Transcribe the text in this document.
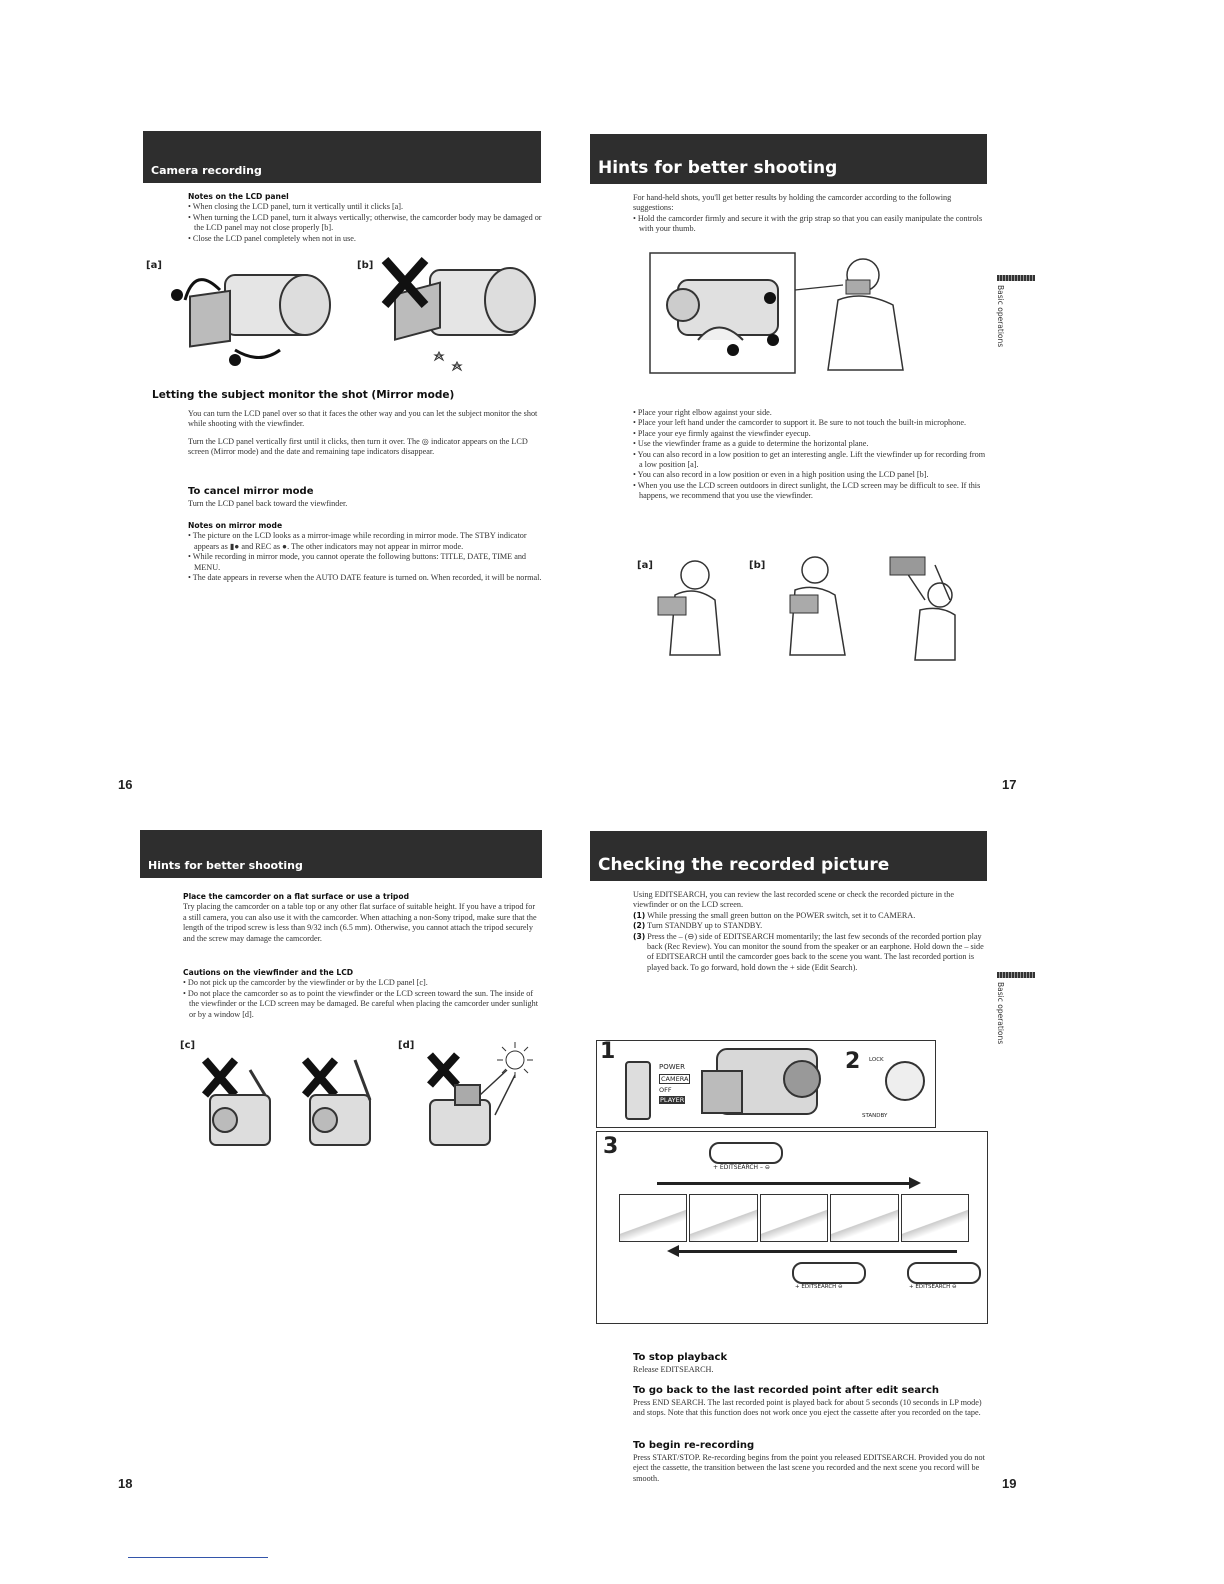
Camera recording

Notes on the LCD panel

• When closing the LCD panel, turn it vertically until it clicks [a].

• When turning the LCD panel, turn it always vertically; otherwise, the camcorder body may be damaged or the LCD panel may not close properly [b].

• Close the LCD panel completely when not in use.

[a]	[b]
Letting the subject monitor the shot (Mirror mode)

You can turn the LCD panel over so that it faces the other way and you can let the subject monitor the shot while shooting with the viewfinder.

Turn the LCD panel vertically first until it clicks, then turn it over. The ◎ indicator appears on the LCD screen (Mirror mode) and the date and remaining tape indicators disappear.

To cancel mirror mode
Turn the LCD panel back toward the viewfinder.

Notes on mirror mode

• The picture on the LCD looks as a mirror-image while recording in mirror mode. The STBY indicator appears as ▮● and REC as ●. The other indicators may not appear in mirror mode.

• While recording in mirror mode, you cannot operate the following buttons: TITLE, DATE, TIME and MENU.

• The date appears in reverse when the AUTO DATE feature is turned on. When recorded, it will be normal.

16
Hints for better shooting

For hand-held shots, you'll get better results by holding the camcorder according to the following suggestions:

• Hold the camcorder firmly and secure it with the grip strap so that you can easily manipulate the controls with your thumb.

Basic operations

• Place your right elbow against your side.

• Place your left hand under the camcorder to support it. Be sure to not touch the built-in microphone.

• Place your eye firmly against the viewfinder eyecup.

• Use the viewfinder frame as a guide to determine the horizontal plane.

• You can also record in a low position to get an interesting angle. Lift the viewfinder up for recording from a low position [a].

• You can also record in a low position or even in a high position using the LCD panel [b].

• When you use the LCD screen outdoors in direct sunlight, the LCD screen may be difficult to see. If this happens, we recommend that you use the viewfinder.

[a]	[b]
17
Hints for better shooting

Place the camcorder on a flat surface or use a tripod

Try placing the camcorder on a table top or any other flat surface of suitable height. If you have a tripod for a still camera, you can also use it with the camcorder. When attaching a non-Sony tripod, make sure that the length of the tripod screw is less than 9/32 inch (6.5 mm). Otherwise, you cannot attach the tripod securely and the screw may damage the camcorder.

Cautions on the viewfinder and the LCD

• Do not pick up the camcorder by the viewfinder or by the LCD panel [c].

• Do not place the camcorder so as to point the viewfinder or the LCD screen toward the sun. The inside of the viewfinder or the LCD screen may be damaged. Be careful when placing the camcorder under sunlight or by a window [d].

[c]	[d]
18
Checking the recorded picture

Using EDITSEARCH, you can review the last recorded scene or check the recorded picture in the viewfinder or on the LCD screen.

(1) While pressing the small green button on the POWER switch, set it to CAMERA.

(2) Turn STANDBY up to STANDBY.

(3) Press the – (⊖) side of EDITSEARCH momentarily; the last few seconds of the recorded portion play back (Rec Review). You can monitor the sound from the speaker or an earphone. Hold down the – side of EDITSEARCH until the camcorder goes back to the scene you want. The last recorded portion is played back. To go forward, hold down the + side (Edit Search).

Basic operations
1
POWER
CAMERA
OFF
PLAYER
2 LOCK
STANDBY
3
+ EDITSEARCH – ⊖
+ EDITSEARCH ⊖	+ EDITSEARCH ⊖
To stop playback
Release EDITSEARCH.
To go back to the last recorded point after edit search
Press END SEARCH. The last recorded point is played back for about 5 seconds (10 seconds in LP mode) and stops. Note that this function does not work once you eject the cassette after you recorded on the tape.
To begin re-recording
Press START/STOP. Re-recording begins from the point you released EDITSEARCH. Provided you do not eject the cassette, the transition between the last scene you recorded and the next scene you record will be smooth.	19
